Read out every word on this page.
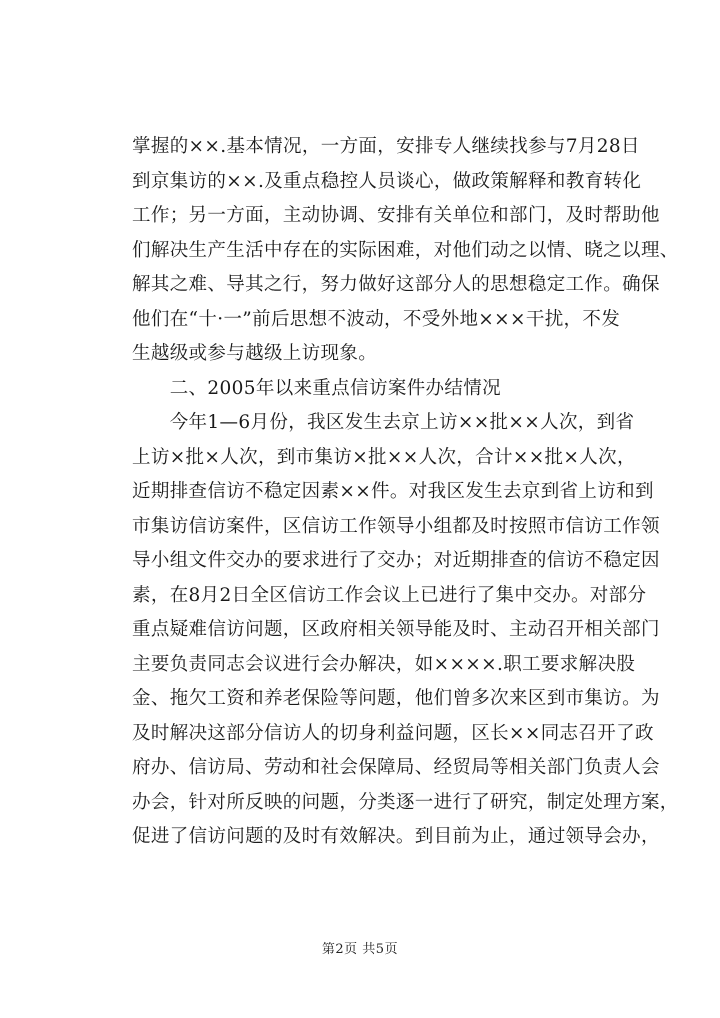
掌握的××.基本情况，一方面，安排专人继续找参与7月28日
到京集访的××.及重点稳控人员谈心，做政策解释和教育转化
工作；另一方面，主动协调、安排有关单位和部门，及时帮助他
们解决生产生活中存在的实际困难，对他们动之以情、晓之以理、
解其之难、导其之行，努力做好这部分人的思想稳定工作。确保
他们在“十·一”前后思想不波动，不受外地×××干扰，不发
生越级或参与越级上访现象。
　　二、2005年以来重点信访案件办结情况
　　今年1—6月份，我区发生去京上访××批××人次，到省
上访×批×人次，到市集访×批××人次，合计××批×人次，
近期排查信访不稳定因素××件。对我区发生去京到省上访和到
市集访信访案件，区信访工作领导小组都及时按照市信访工作领
导小组文件交办的要求进行了交办；对近期排查的信访不稳定因
素，在8月2日全区信访工作会议上已进行了集中交办。对部分
重点疑难信访问题，区政府相关领导能及时、主动召开相关部门
主要负责同志会议进行会办解决，如××××.职工要求解决股
金、拖欠工资和养老保险等问题，他们曾多次来区到市集访。为
及时解决这部分信访人的切身利益问题，区长××同志召开了政
府办、信访局、劳动和社会保障局、经贸局等相关部门负责人会
办会，针对所反映的问题，分类逐一进行了研究，制定处理方案，
促进了信访问题的及时有效解决。到目前为止，通过领导会办，
第2页 共5页
